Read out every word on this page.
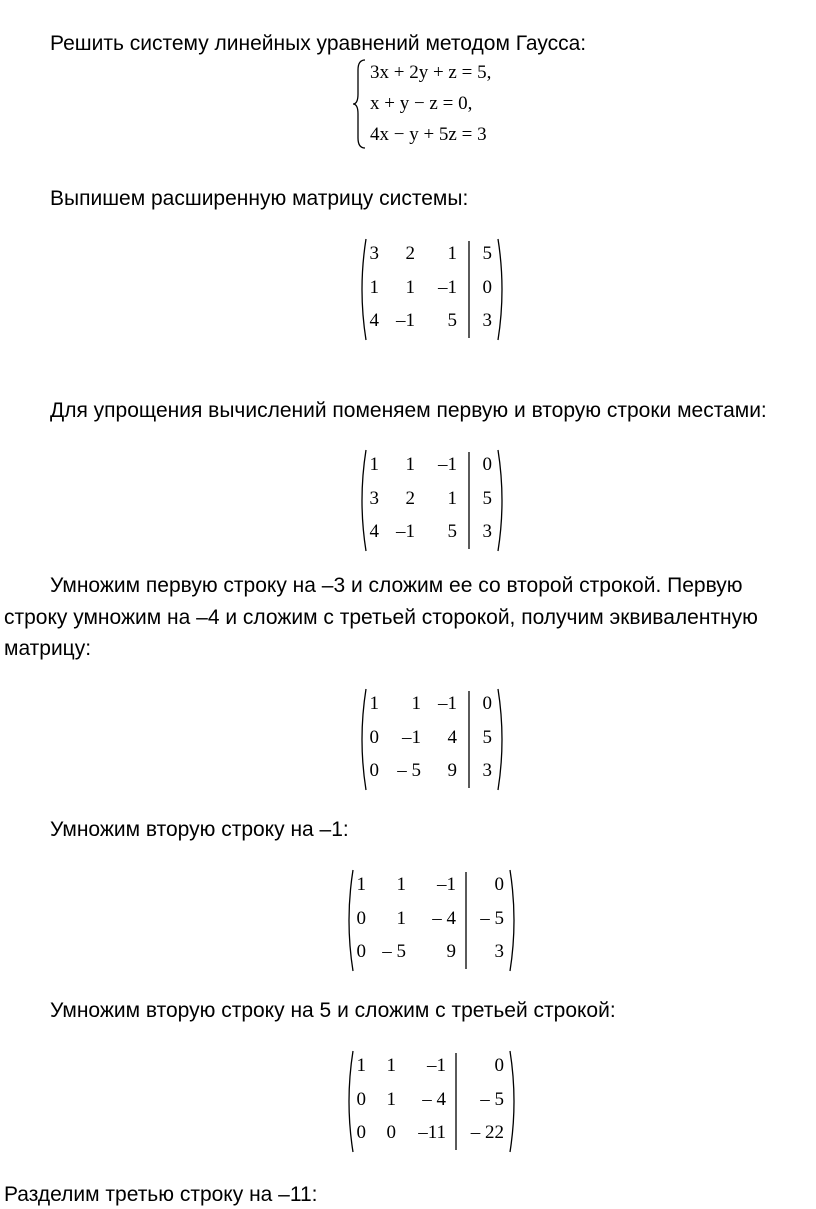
Решить систему линейных уравнений методом Гаусса:

3x + 2y + z = 5,
x + y − z = 0,
4x − y + 5z = 3

Выпишем расширенную матрицу системы:

3 2 1 5
1 1 –1 0
4 –1 5 3

Для упрощения вычислений поменяем первую и вторую строки местами:

1 1 –1 0
3 2 1 5
4 –1 5 3

Умножим первую строку на –3 и сложим ее со второй строкой. Первую

строку умножим на –4 и сложим с третьей сторокой, получим эквивалентную

матрицу:

1 1 –1 0
0 –1 4 5
0 – 5 9 3

Умножим вторую строку на –1:

1 1 –1 0
0 1 – 4 – 5
0 – 5 9 3

Умножим вторую строку на 5 и сложим с третьей строкой:

1 1 –1	0
0 1 – 4 – 5
0 0 –11 – 22

Разделим третью строку на –11:
